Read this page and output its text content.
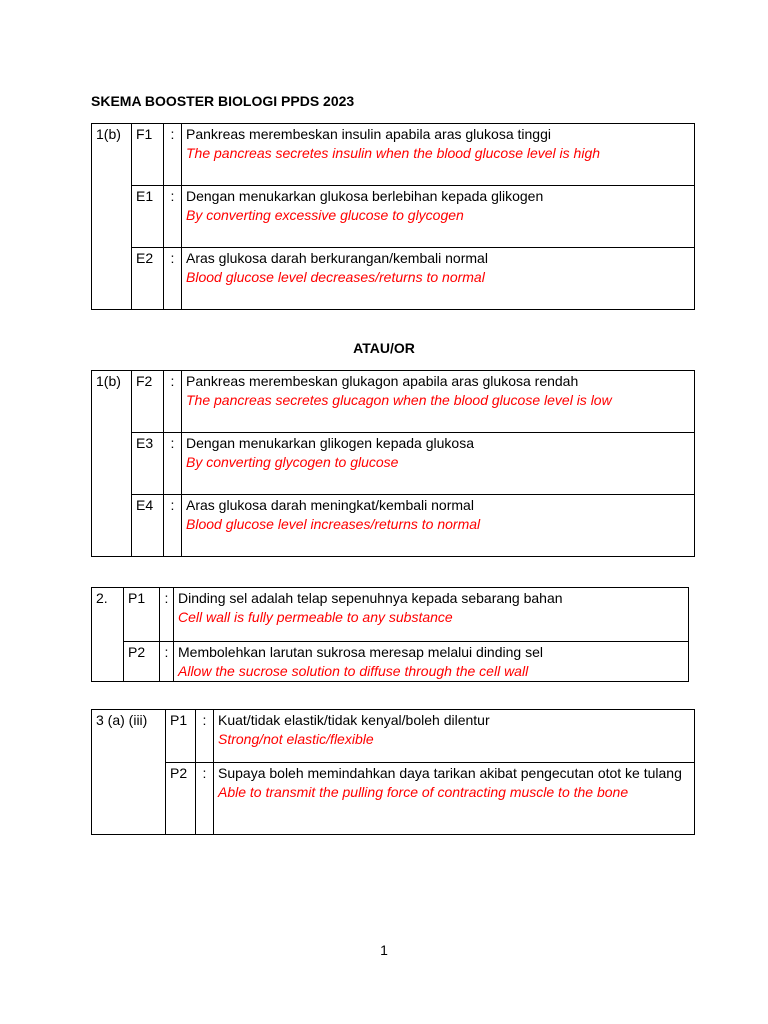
SKEMA BOOSTER BIOLOGI PPDS 2023
1(b)	F1	:	Pankreas merembeskan insulin apabila aras glukosa tinggi
The pancreas secretes insulin when the blood glucose level is high

	E1	:	Dengan menukarkan glukosa berlebihan kepada glikogen
By converting excessive glucose to glycogen

	E2	:	Aras glukosa darah berkurangan/kembali normal
Blood glucose level decreases/returns to normal
ATAU/OR
1(b)	F2	:	Pankreas merembeskan glukagon apabila aras glukosa rendah
The pancreas secretes glucagon when the blood glucose level is low

	E3	:	Dengan menukarkan glikogen kepada glukosa
By converting glycogen to glucose

	E4	:	Aras glukosa darah meningkat/kembali normal
Blood glucose level increases/returns to normal
2.	P1	:	Dinding sel adalah telap sepenuhnya kepada sebarang bahan
Cell wall is fully permeable to any substance

	P2	:	Membolehkan larutan sukrosa meresap melalui dinding sel
Allow the sucrose solution to diffuse through the cell wall
3 (a) (iii)	P1	:	Kuat/tidak elastik/tidak kenyal/boleh dilentur
Strong/not elastic/flexible

	P2	:	Supaya boleh memindahkan daya tarikan akibat pengecutan otot ke tulang
Able to transmit the pulling force of contracting muscle to the bone
1
